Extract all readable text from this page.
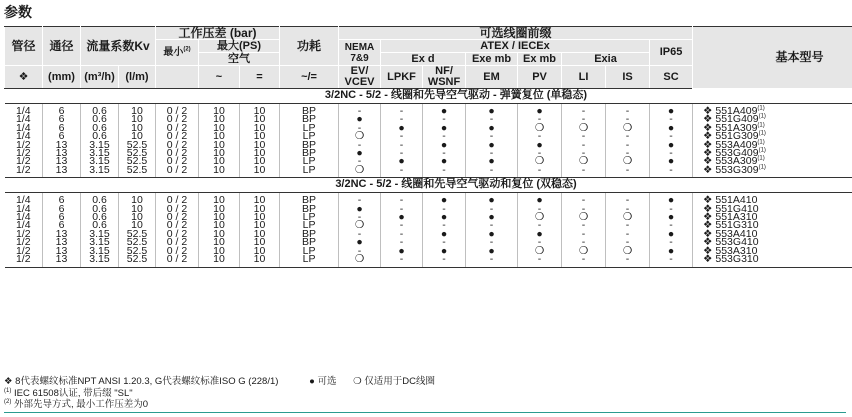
参数
管径	通径	流量系数Kv		工作压差 (bar)			功耗	可选线圈前缀								基本型号
				最小$^{(2)}$	最大(PS)			NEMA 7&9	ATEX / IECEx						IP65	
					空气				Ex d		Exe mb	Ex mb	Exia			
❖	(mm)	(m³/h)	(l/m)		~	=	~/=	EV/ VCEV	LPKF	NF/ WSNF	EM	PV	LI	IS	SC	
3/2NC - 5/2 - 线圈和先导空气驱动 - 弹簧复位 (单稳态)																

1/4	6	0.6	10	0 / 2	10	10	BP	-	-	●	●	●	-	-	●	❖ 551A409$^{(1)}$
1/4	6	0.6	10	0 / 2	10	10	BP	●	-	-	-	-	-	-	-	❖ 551G409$^{(1)}$
1/4	6	0.6	10	0 / 2	10	10	LP	-	●	●	●	❍	❍	❍	●	❖ 551A309$^{(1)}$
1/4	6	0.6	10	0 / 2	10	10	LP	❍	-	-	-	-	-	-	-	❖ 551G309$^{(1)}$
1/2	13	3.15	52.5	0 / 2	10	10	BP	-	-	●	●	●	-	-	●	❖ 553A409$^{(1)}$
1/2	13	3.15	52.5	0 / 2	10	10	BP	●	-	-	-	-	-	-	-	❖ 553G409$^{(1)}$
1/2	13	3.15	52.5	0 / 2	10	10	LP	-	●	●	●	❍	❍	❍	●	❖ 553A309$^{(1)}$
1/2	13	3.15	52.5	0 / 2	10	10	LP	❍	-	-	-	-	-	-	-	❖ 553G309$^{(1)}$

3/2NC - 5/2 - 线圈和先导空气驱动和复位 (双稳态)																

1/4	6	0.6	10	0 / 2	10	10	BP	-	-	●	●	●	-	-	●	❖ 551A410
1/4	6	0.6	10	0 / 2	10	10	BP	●	-	-	-	-	-	-	-	❖ 551G410
1/4	6	0.6	10	0 / 2	10	10	LP	-	●	●	●	❍	❍	❍	●	❖ 551A310
1/4	6	0.6	10	0 / 2	10	10	LP	❍	-	-	-	-	-	-	-	❖ 551G310
1/2	13	3.15	52.5	0 / 2	10	10	BP	-	-	●	●	●	-	-	●	❖ 553A410
1/2	13	3.15	52.5	0 / 2	10	10	BP	●	-	-	-	-	-	-	-	❖ 553G410
1/2	13	3.15	52.5	0 / 2	10	10	LP	-	●	●	●	❍	❍	❍	●	❖ 553A310
1/2	13	3.15	52.5	0 / 2	10	10	LP	❍	-	-	-	-	-	-	-	❖ 553G310

❖ 8代表螺纹标准NPT ANSI 1.20.3, G代表螺纹标准ISO G (228/1)	● 可选 ❍ 仅适用于DC线圈
$^{(1)}$ IEC 61508认证, 带后缀 "SL"
$^{(2)}$ 外部先导方式, 最小工作压差为0
